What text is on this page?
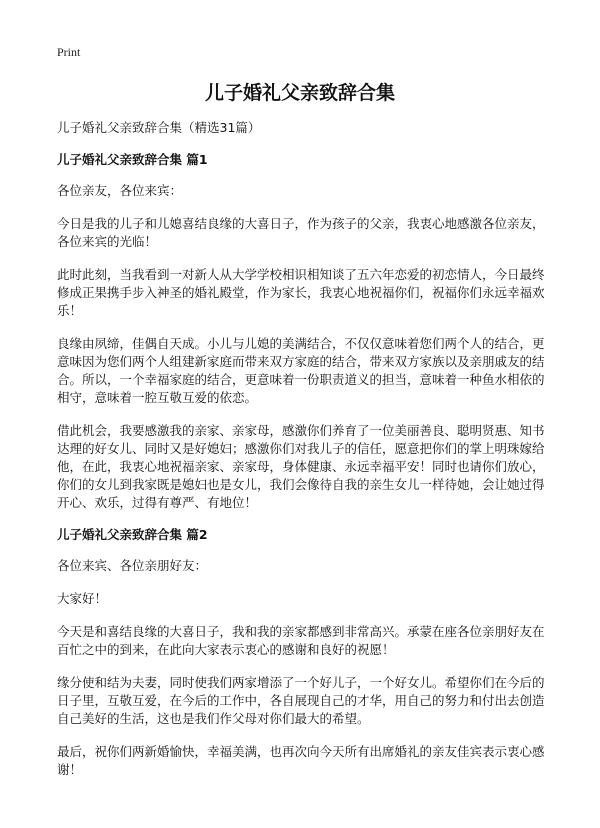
Print
儿子婚礼父亲致辞合集

儿子婚礼父亲致辞合集（精选31篇）

儿子婚礼父亲致辞合集 篇1

各位亲友，各位来宾：

今日是我的儿子和儿媳喜结良缘的大喜日子，作为孩子的父亲，我衷心地感激各位亲友，各位来宾的光临！

此时此刻，当我看到一对新人从大学学校相识相知谈了五六年恋爱的初恋情人，今日最终修成正果携手步入神圣的婚礼殿堂，作为家长，我衷心地祝福你们，祝福你们永远幸福欢乐！

良缘由夙缔，佳偶自天成。小儿与儿媳的美满结合，不仅仅意味着您们两个人的结合，更意味因为您们两个人组建新家庭而带来双方家庭的结合，带来双方家族以及亲朋戚友的结合。所以，一个幸福家庭的结合，更意味着一份职责道义的担当，意味着一种鱼水相依的相守，意味着一腔互敬互爱的依恋。

借此机会，我要感激我的亲家、亲家母，感激你们养育了一位美丽善良、聪明贤惠、知书达理的好女儿、同时又是好媳妇；感激你们对我儿子的信任，愿意把你们的掌上明珠嫁给他，在此，我衷心地祝福亲家、亲家母，身体健康、永远幸福平安！同时也请你们放心，你们的女儿到我家既是媳妇也是女儿，我们会像待自我的亲生女儿一样待她，会让她过得开心、欢乐，过得有尊严、有地位！

儿子婚礼父亲致辞合集 篇2

各位来宾、各位亲朋好友：

大家好！

今天是和喜结良缘的大喜日子，我和我的亲家都感到非常高兴。承蒙在座各位亲朋好友在百忙之中的到来，在此向大家表示衷心的感谢和良好的祝愿！

缘分使和结为夫妻，同时使我们两家增添了一个好儿子，一个好女儿。希望你们在今后的日子里，互敬互爱，在今后的工作中，各自展现自己的才华，用自己的努力和付出去创造自己美好的生活，这也是我们作父母对你们最大的希望。

最后，祝你们两新婚愉快，幸福美满，也再次向今天所有出席婚礼的亲友佳宾表示衷心感谢！
